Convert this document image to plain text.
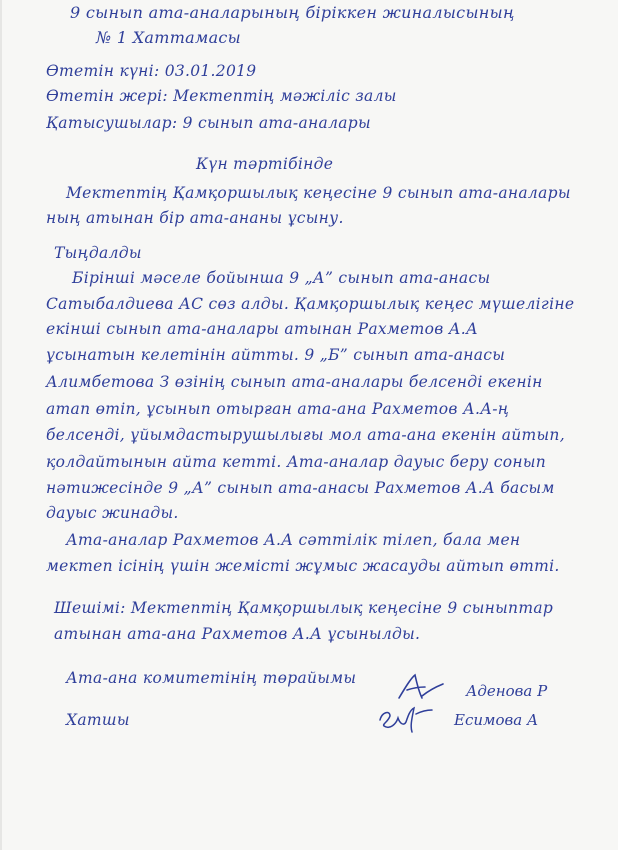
9 сынып ата-аналарының біріккен жиналысының
№ 1 Хаттамасы
Өтетін күні: 03.01.2019
Өтетін жері: Мектептің мәжіліс залы
Қатысушылар: 9 сынып ата-аналары
Күн тәртібінде
Мектептің Қамқоршылық кеңесіне 9 сынып ата-аналары
ның атынан бір ата-ананы ұсыну.
Тыңдалды
Бірінші мәселе бойынша 9 „А” сынып ата-анасы
Сатыбалдиева АС сөз алды. Қамқоршылық кеңес мүшелігіне
екінші сынып ата-аналары атынан Рахметов А.А
ұсынатын келетінін айтты. 9 „Б” сынып ата-анасы
Алимбетова З өзінің сынып ата-аналары белсенді екенін
атап өтіп, ұсынып отырған ата-ана Рахметов А.А-ң
белсенді, ұйымдастырушылығы мол ата-ана екенін айтып,
қолдайтынын айта кетті. Ата-аналар дауыс беру сонып
нәтижесінде 9 „А” сынып ата-анасы Рахметов А.А басым
дауыс жинады.
Ата-аналар Рахметов А.А сәттілік тілеп, бала мен
мектеп ісінің үшін жемісті жұмыс жасауды айтып өтті.
Шешімі: Мектептің Қамқоршылық кеңесіне 9 сыныптар
атынан ата-ана Рахметов А.А ұсынылды.
Ата-ана комитетінің төрайымы
Аденова Р
Хатшы	Есимова А
